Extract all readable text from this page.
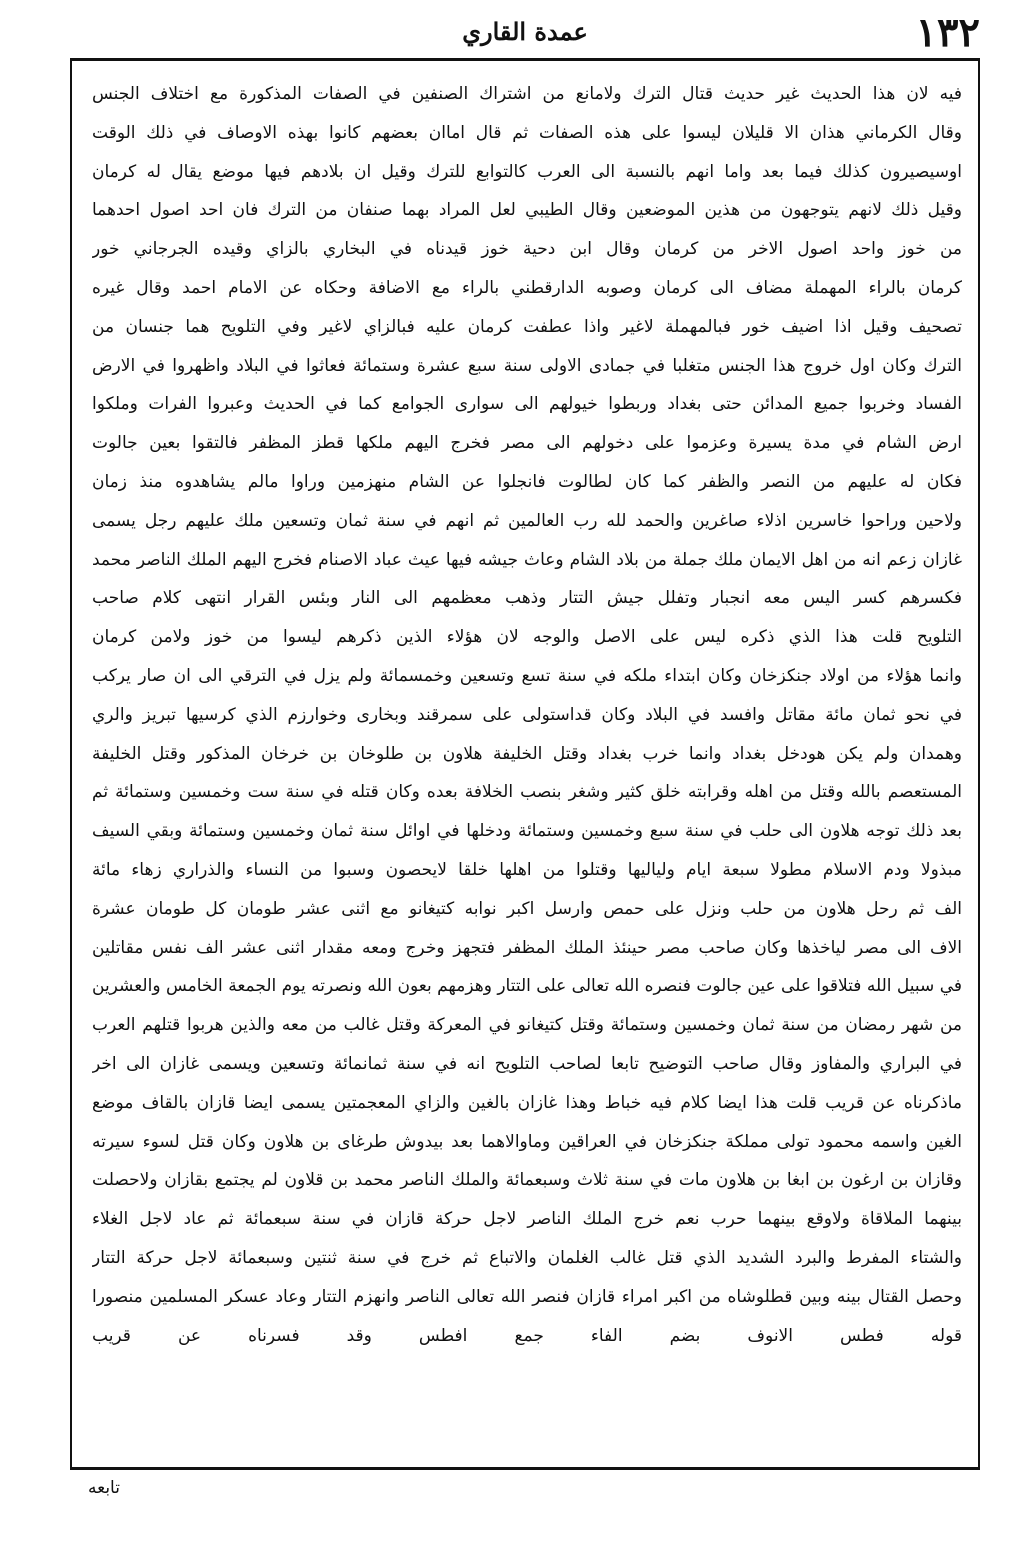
١٣٢
عمدة القاري
فيه لان هذا الحديث غير حديث قتال الترك ولامانع من اشتراك الصنفين في الصفات المذكورة مع اختلاف الجنس
وقال الكرماني هذان الا قليلان ليسوا على هذه الصفات ثم قال اماان بعضهم كانوا بهذه الاوصاف في ذلك الوقت
اوسيصيرون كذلك فيما بعد واما انهم بالنسبة الى العرب كالتوابع للترك وقيل ان بلادهم فيها موضع يقال له كرمان
وقيل ذلك لانهم يتوجهون من هذين الموضعين وقال الطيبي لعل المراد بهما صنفان من الترك فان احد اصول احدهما
من خوز واحد اصول الاخر من كرمان وقال ابن دحية خوز قيدناه في البخاري بالزاي وقيده الجرجاني خور
كرمان بالراء المهملة مضاف الى كرمان وصوبه الدارقطني بالراء مع الاضافة وحكاه عن الامام احمد وقال غيره
تصحيف وقيل اذا اضيف خور فبالمهملة لاغير واذا عطفت كرمان عليه فبالزاي لاغير وفي التلويح هما جنسان من
الترك وكان اول خروج هذا الجنس متغلبا في جمادى الاولى سنة سبع عشرة وستمائة فعاثوا في البلاد واظهروا في الارض
الفساد وخربوا جميع المدائن حتى بغداد وربطوا خيولهم الى سوارى الجوامع كما في الحديث وعبروا الفرات وملكوا
ارض الشام في مدة يسيرة وعزموا على دخولهم الى مصر فخرج اليهم ملكها قطز المظفر فالتقوا بعين جالوت
فكان له عليهم من النصر والظفر كما كان لطالوت فانجلوا عن الشام منهزمين وراوا مالم يشاهدوه منذ زمان
ولاحين وراحوا خاسرين اذلاء صاغرين والحمد لله رب العالمين ثم انهم في سنة ثمان وتسعين ملك عليهم رجل يسمى
غازان زعم انه من اهل الايمان ملك جملة من بلاد الشام وعاث جيشه فيها عيث عباد الاصنام فخرج اليهم الملك الناصر محمد
فكسرهم كسر اليس معه انجبار وتفلل جيش التتار وذهب معظمهم الى النار وبئس القرار انتهى كلام صاحب
التلويح قلت هذا الذي ذكره ليس على الاصل والوجه لان هؤلاء الذين ذكرهم ليسوا من خوز ولامن كرمان
وانما هؤلاء من اولاد جنكزخان وكان ابتداء ملكه في سنة تسع وتسعين وخمسمائة ولم يزل في الترقي الى ان صار يركب
في نحو ثمان مائة مقاتل وافسد في البلاد وكان قداستولى على سمرقند وبخارى وخوارزم الذي كرسيها تبريز والري
وهمدان ولم يكن هودخل بغداد وانما خرب بغداد وقتل الخليفة هلاون بن طلوخان بن خرخان المذكور وقتل الخليفة
المستعصم بالله وقتل من اهله وقرابته خلق كثير وشغر بنصب الخلافة بعده وكان قتله في سنة ست وخمسين وستمائة ثم
بعد ذلك توجه هلاون الى حلب في سنة سبع وخمسين وستمائة ودخلها في اوائل سنة ثمان وخمسين وستمائة وبقي السيف
مبذولا ودم الاسلام مطولا سبعة ايام ولياليها وقتلوا من اهلها خلقا لايحصون وسبوا من النساء والذراري زهاء مائة
الف ثم رحل هلاون من حلب ونزل على حمص وارسل اكبر نوابه كتيغانو مع اثنى عشر طومان كل طومان عشرة
الاف الى مصر لياخذها وكان صاحب مصر حينئذ الملك المظفر فتجهز وخرج ومعه مقدار اثنى عشر الف نفس مقاتلين
في سبيل الله فتلاقوا على عين جالوت فنصره الله تعالى على التتار وهزمهم بعون الله ونصرته يوم الجمعة الخامس والعشرين
من شهر رمضان من سنة ثمان وخمسين وستمائة وقتل كتيغانو في المعركة وقتل غالب من معه والذين هربوا قتلهم العرب
في البراري والمفاوز وقال صاحب التوضيح تابعا لصاحب التلويح انه في سنة ثمانمائة وتسعين ويسمى غازان الى اخر
ماذكرناه عن قريب قلت هذا ايضا كلام فيه خباط وهذا غازان بالغين والزاي المعجمتين يسمى ايضا قازان بالقاف موضع
الغين واسمه محمود تولى مملكة جنكزخان في العراقين وماوالاهما بعد بيدوش طرغاى بن هلاون وكان قتل لسوء سيرته
وقازان بن ارغون بن ابغا بن هلاون مات في سنة ثلاث وسبعمائة والملك الناصر محمد بن قلاون لم يجتمع بقازان ولاحصلت
بينهما الملاقاة ولاوقع بينهما حرب نعم خرج الملك الناصر لاجل حركة قازان في سنة سبعمائة ثم عاد لاجل الغلاء
والشتاء المفرط والبرد الشديد الذي قتل غالب الغلمان والاتباع ثم خرج في سنة ثنتين وسبعمائة لاجل حركة التتار
وحصل القتال بينه وبين قطلوشاه من اكبر امراء قازان فنصر الله تعالى الناصر وانهزم التتار وعاد عسكر المسلمين منصورا
قوله فطس الانوف بضم الفاء جمع افطس وقد فسرناه عن قريب
تابعه
